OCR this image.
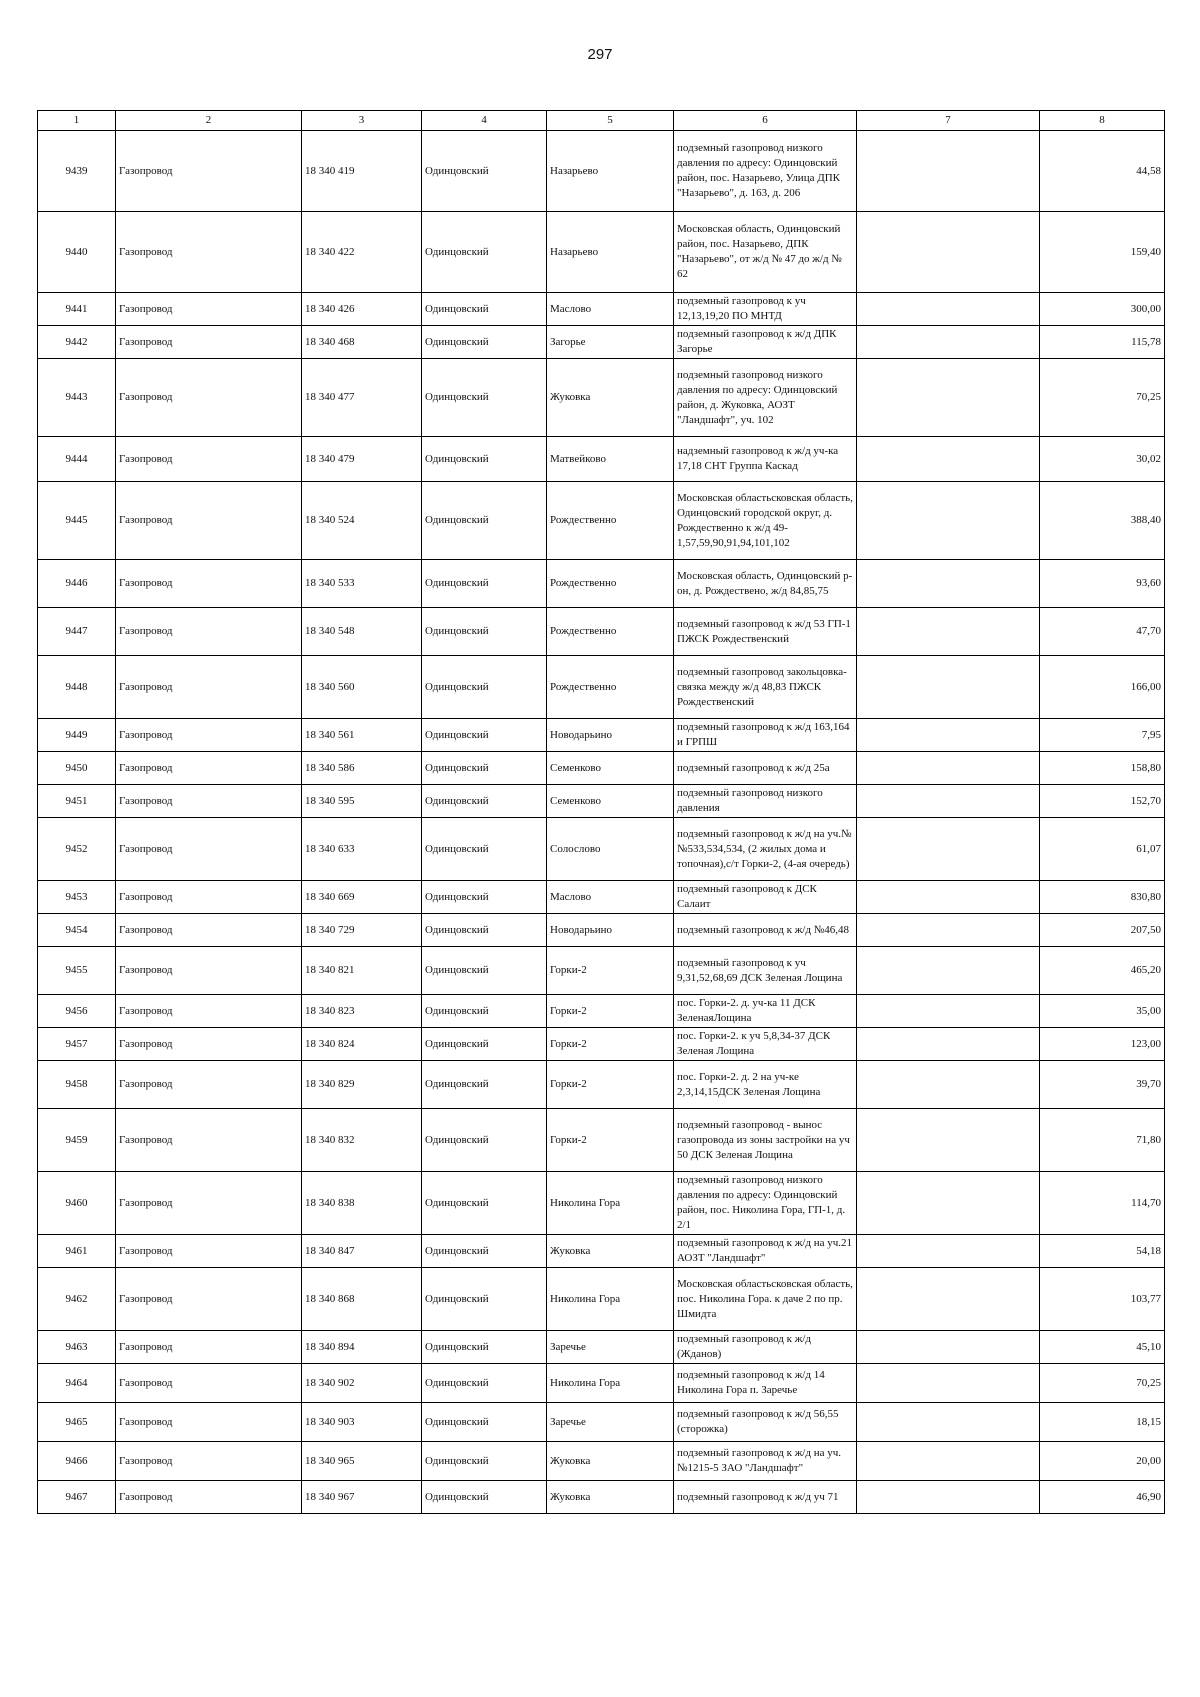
297
1	2	3	4	5	6	7	8
9439	Газопровод	18 340 419	Одинцовский	Назарьево	подземный газопровод низкого давления по адресу: Одинцовский район, пос. Назарьево, Улица ДПК "Назарьево", д. 163, д. 206		44,58
9440	Газопровод	18 340 422	Одинцовский	Назарьево	Московская область, Одинцовский район, пос. Назарьево, ДПК "Назарьево", от ж/д № 47 до ж/д № 62		159,40
9441	Газопровод	18 340 426	Одинцовский	Маслово	подземный газопровод к уч 12,13,19,20 ПО МНТД		300,00
9442	Газопровод	18 340 468	Одинцовский	Загорье	подземный газопровод к ж/д ДПК Загорье		115,78
9443	Газопровод	18 340 477	Одинцовский	Жуковка	подземный газопровод низкого давления по адресу: Одинцовский район, д. Жуковка, АОЗТ "Ландшафт", уч. 102		70,25
9444	Газопровод	18 340 479	Одинцовский	Матвейково	надземный газопровод к ж/д уч-ка 17,18 СНТ Группа Каскад		30,02
9445	Газопровод	18 340 524	Одинцовский	Рождественно	Московская областьсковская область, Одинцовский городской округ, д. Рождественно к ж/д 49-1,57,59,90,91,94,101,102		388,40
9446	Газопровод	18 340 533	Одинцовский	Рождественно	Московская область, Одинцовский р-он, д. Рождествено, ж/д 84,85,75		93,60
9447	Газопровод	18 340 548	Одинцовский	Рождественно	подземный газопровод к ж/д 53 ГП-1 ПЖСК Рождественский		47,70
9448	Газопровод	18 340 560	Одинцовский	Рождественно	подземный газопровод закольцовка-связка между ж/д 48,83 ПЖСК Рождественский		166,00
9449	Газопровод	18 340 561	Одинцовский	Новодарьино	подземный газопровод к ж/д 163,164 и ГРПШ		7,95
9450	Газопровод	18 340 586	Одинцовский	Семенково	подземный газопровод к ж/д 25а		158,80
9451	Газопровод	18 340 595	Одинцовский	Семенково	подземный газопровод низкого давления		152,70
9452	Газопровод	18 340 633	Одинцовский	Солослово	подземный газопровод к ж/д на уч.№№533,534,534, (2 жилых дома и топочная),с/т Горки-2, (4-ая очередь)		61,07
9453	Газопровод	18 340 669	Одинцовский	Маслово	подземный газопровод к ДСК Салаит		830,80
9454	Газопровод	18 340 729	Одинцовский	Новодарьино	подземный газопровод к ж/д №46,48		207,50
9455	Газопровод	18 340 821	Одинцовский	Горки-2	подземный газопровод к уч 9,31,52,68,69 ДСК Зеленая Лощина		465,20
9456	Газопровод	18 340 823	Одинцовский	Горки-2	пос. Горки-2. д. уч-ка 11 ДСК ЗеленаяЛощина		35,00
9457	Газопровод	18 340 824	Одинцовский	Горки-2	пос. Горки-2. к уч 5,8,34-37 ДСК Зеленая Лощина		123,00
9458	Газопровод	18 340 829	Одинцовский	Горки-2	пос. Горки-2. д. 2 на уч-ке 2,3,14,15ДСК Зеленая Лощина		39,70
9459	Газопровод	18 340 832	Одинцовский	Горки-2	подземный газопровод - вынос газопровода из зоны застройки на уч 50 ДСК Зеленая Лощина		71,80
9460	Газопровод	18 340 838	Одинцовский	Николина Гора	подземный газопровод низкого давления по адресу: Одинцовский район, пос. Николина Гора, ГП-1, д. 2/1		114,70
9461	Газопровод	18 340 847	Одинцовский	Жуковка	подземный газопровод к ж/д на уч.21 АОЗТ "Ландшафт"		54,18
9462	Газопровод	18 340 868	Одинцовский	Николина Гора	Московская областьсковская область, пос. Николина Гора. к даче 2 по пр. Шмидта		103,77
9463	Газопровод	18 340 894	Одинцовский	Заречье	подземный газопровод к ж/д (Жданов)		45,10
9464	Газопровод	18 340 902	Одинцовский	Николина Гора	подземный газопровод к ж/д 14 Николина Гора п. Заречье		70,25
9465	Газопровод	18 340 903	Одинцовский	Заречье	подземный газопровод к ж/д 56,55 (сторожка)		18,15
9466	Газопровод	18 340 965	Одинцовский	Жуковка	подземный газопровод к ж/д на уч.№1215-5 ЗАО "Ландшафт"		20,00
9467	Газопровод	18 340 967	Одинцовский	Жуковка	подземный газопровод к ж/д уч 71		46,90
